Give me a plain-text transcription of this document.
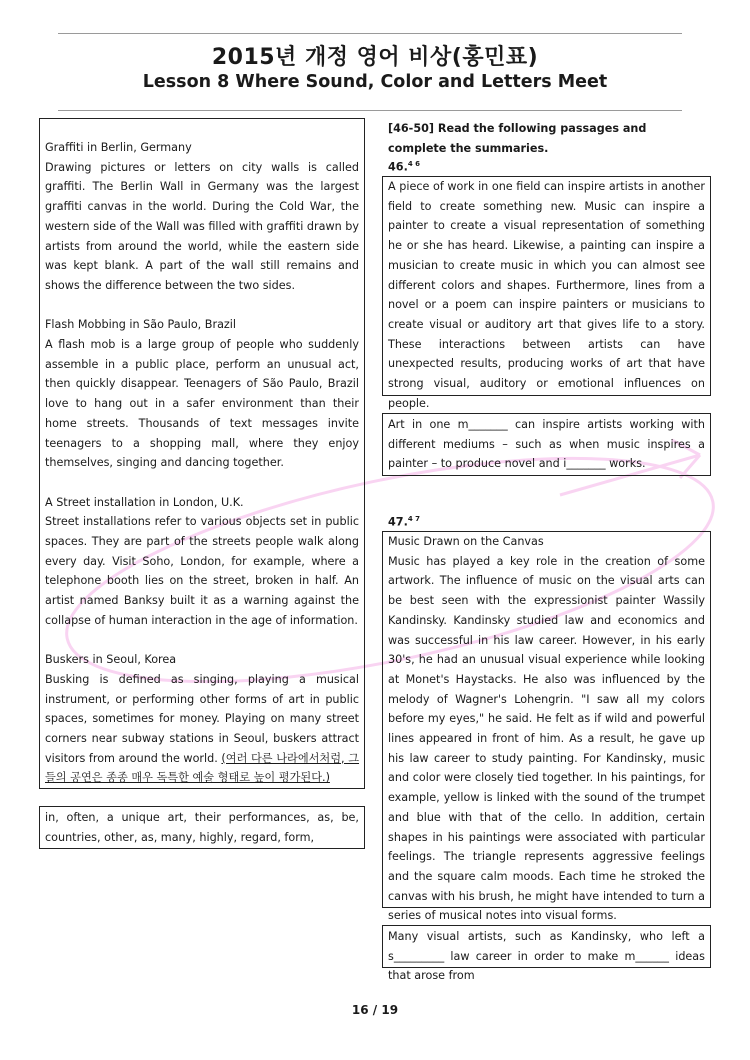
2015년 개정 영어 비상(홍민표)
Lesson 8 Where Sound, Color and Letters Meet

Graffiti in Berlin, Germany

Drawing pictures or letters on city walls is called graffiti. The Berlin Wall in Germany was the largest graffiti canvas in the world. During the Cold War, the western side of the Wall was filled with graffiti drawn by artists from around the world, while the eastern side was kept blank. A part of the wall still remains and shows the difference between the two sides.

Flash Mobbing in São Paulo, Brazil

A flash mob is a large group of people who suddenly assemble in a public place, perform an unusual act, then quickly disappear. Teenagers of São Paulo, Brazil love to hang out in a safer environment than their home streets. Thousands of text messages invite teenagers to a shopping mall, where they enjoy themselves, singing and dancing together.

A Street installation in London, U.K.

Street installations refer to various objects set in public spaces. They are part of the streets people walk along every day. Visit Soho, London, for example, where a telephone booth lies on the street, broken in half. An artist named Banksy built it as a warning against the collapse of human interaction in the age of information.

Buskers in Seoul, Korea

Busking is defined as singing, playing a musical instrument, or performing other forms of art in public spaces, sometimes for money. Playing on many street corners near subway stations in Seoul, buskers attract visitors from around the world. (여러 다른 나라에서처럼, 그들의 공연은 종종 매우 독특한 예술 형태로 높이 평가된다.)

in, often, a unique art, their performances, as, be, countries, other, as, many, highly, regard, form,

[46-50] Read the following passages and complete the summaries.
46.$^{4 6}$

A piece of work in one field can inspire artists in another field to create something new. Music can inspire a painter to create a visual representation of something he or she has heard. Likewise, a painting can inspire a musician to create music in which you can almost see different colors and shapes. Furthermore, lines from a novel or a poem can inspire painters or musicians to create visual or auditory art that gives life to a story. These interactions between artists can have unexpected results, producing works of art that have strong visual, auditory or emotional influences on people.

Art in one m_______ can inspire artists working with different mediums – such as when music inspires a painter – to produce novel and i_______ works.

47.$^{4 7}$

Music Drawn on the Canvas

Music has played a key role in the creation of some artwork. The influence of music on the visual arts can be best seen with the expressionist painter Wassily Kandinsky. Kandinsky studied law and economics and was successful in his law career. However, in his early 30's, he had an unusual visual experience while looking at Monet's Haystacks. He also was influenced by the melody of Wagner's Lohengrin. "I saw all my colors before my eyes," he said. He felt as if wild and powerful lines appeared in front of him. As a result, he gave up his law career to study painting. For Kandinsky, music and color were closely tied together. In his paintings, for example, yellow is linked with the sound of the trumpet and blue with that of the cello. In addition, certain shapes in his paintings were associated with particular feelings. The triangle represents aggressive feelings and the square calm moods. Each time he stroked the canvas with his brush, he might have intended to turn a series of musical notes into visual forms.

Many visual artists, such as Kandinsky, who left a s_________ law career in order to make m______ ideas that arose from

16 / 19
